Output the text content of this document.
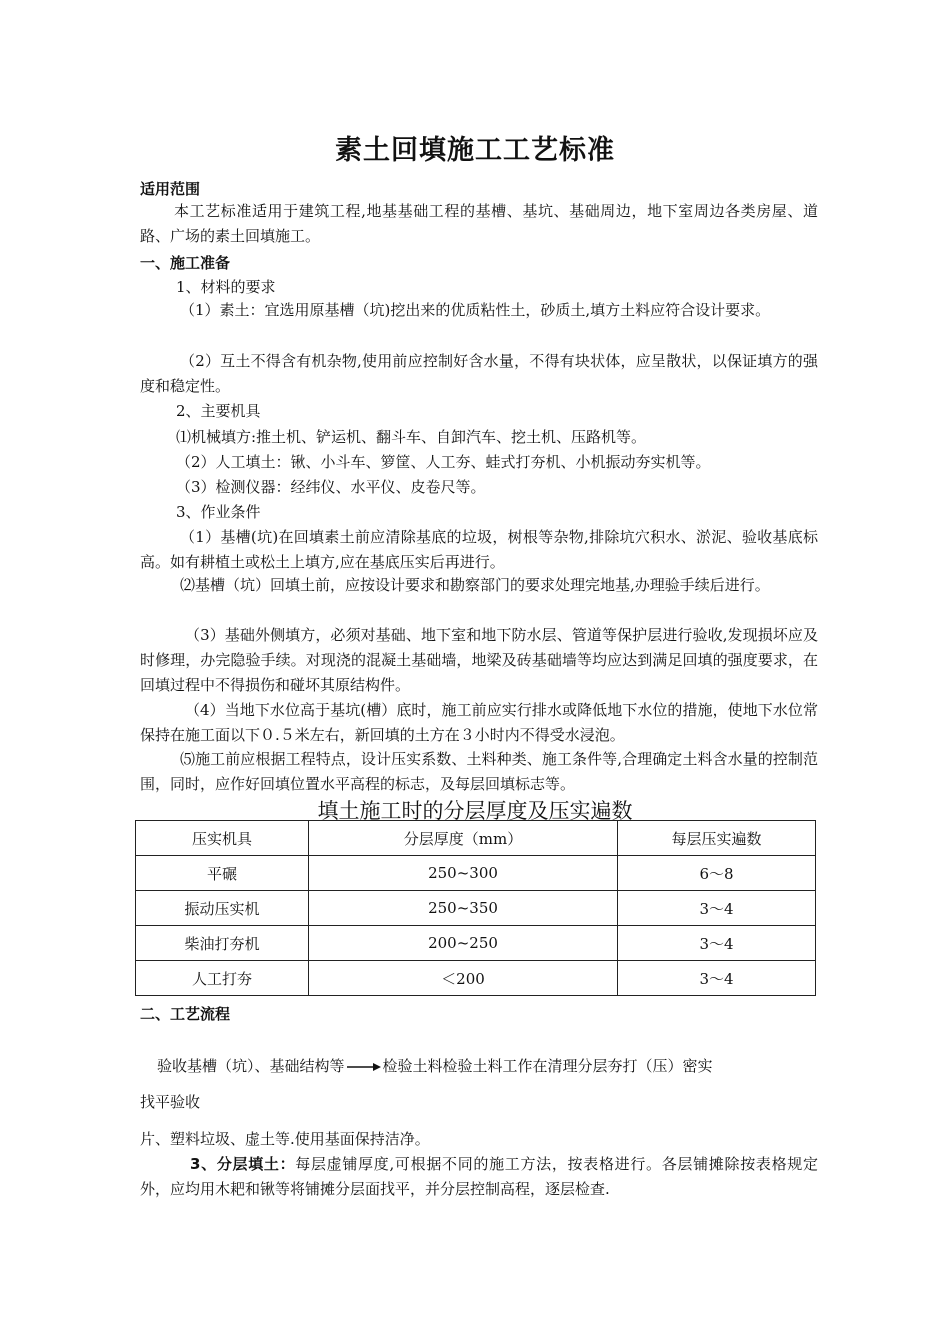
素土回填施工工艺标准
适用范围
本工艺标准适用于建筑工程,地基基础工程的基槽、基坑、基础周边，地下室周边各类房屋、道路、广场的素土回填施工。
一、施工准备
1、材料的要求
（1）素土：宜选用原基槽（坑)挖出来的优质粘性土，砂质土,填方土料应符合设计要求。
（2）互土不得含有机杂物,使用前应控制好含水量，不得有块状体，应呈散状，以保证填方的强度和稳定性。
2、主要机具
⑴机械填方:推土机、铲运机、翻斗车、自卸汽车、挖土机、压路机等。
（2）人工填土：锹、小斗车、箩筐、人工夯、蛙式打夯机、小机振动夯实机等。
（3）检测仪器：经纬仪、水平仪、皮卷尺等。
3、作业条件
（1）基槽(坑)在回填素土前应清除基底的垃圾，树根等杂物,排除坑穴积水、淤泥、验收基底标高。如有耕植土或松土上填方,应在基底压实后再进行。
⑵基槽（坑）回填土前，应按设计要求和勘察部门的要求处理完地基,办理验手续后进行。
（3）基础外侧填方，必须对基础、地下室和地下防水层、管道等保护层进行验收,发现损坏应及时修理，办完隐验手续。对现浇的混凝土基础墙，地梁及砖基础墙等均应达到满足回填的强度要求，在回填过程中不得损伤和碰坏其原结构件。
（4）当地下水位高于基坑(槽）底时，施工前应实行排水或降低地下水位的措施，使地下水位常保持在施工面以下０.５米左右，新回填的土方在３小时内不得受水浸泡。
⑸施工前应根据工程特点，设计压实系数、土料种类、施工条件等,合理确定土料含水量的控制范围，同时，应作好回填位置水平高程的标志，及每层回填标志等。
填土施工时的分层厚度及压实遍数
压实机具	分层厚度（mm）	每层压实遍数
平碾	250~300	6～8
振动压实机	250~350	3～4
柴油打夯机	200~250	3～4
人工打夯	＜200	3～4
二、工艺流程
验收基槽（坑）、基础结构等	检验土料检验土料工作在清理分层夯打（压）密实
找平验收
片、塑料垃圾、虚土等.使用基面保持洁净。
3、分层填土：每层虚铺厚度,可根据不同的施工方法，按表格进行。各层铺摊除按表格规定外，应均用木耙和锹等将铺摊分层面找平，并分层控制高程，逐层检查.
